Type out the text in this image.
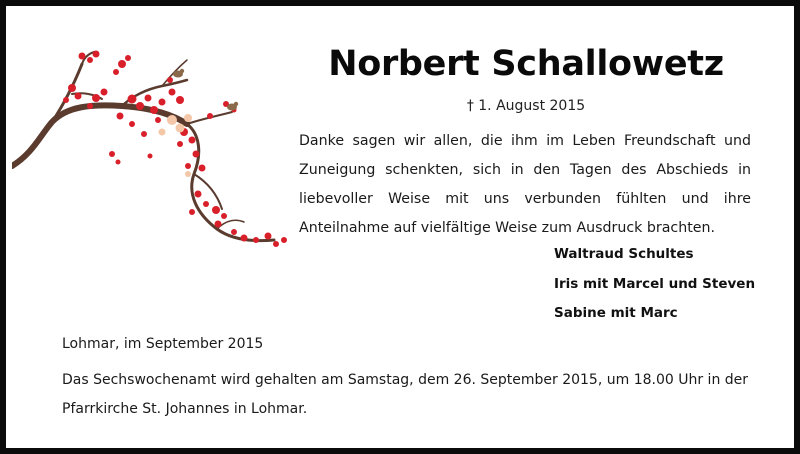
Norbert Schallowetz
† 1. August 2015
Danke sagen wir allen, die ihm im Leben Freundschaft und Zuneigung schenkten, sich in den Tagen des Abschieds in liebevoller Weise mit uns verbunden fühlten und ihre Anteilnahme auf vielfältige Weise zum Ausdruck brachten.
Waltraud Schultes
Iris mit Marcel und Steven
Sabine mit Marc
Lohmar, im September 2015
Das Sechswochenamt wird gehalten am Samstag, dem 26. September 2015, um 18.00 Uhr in der Pfarrkirche St. Johannes in Lohmar.
